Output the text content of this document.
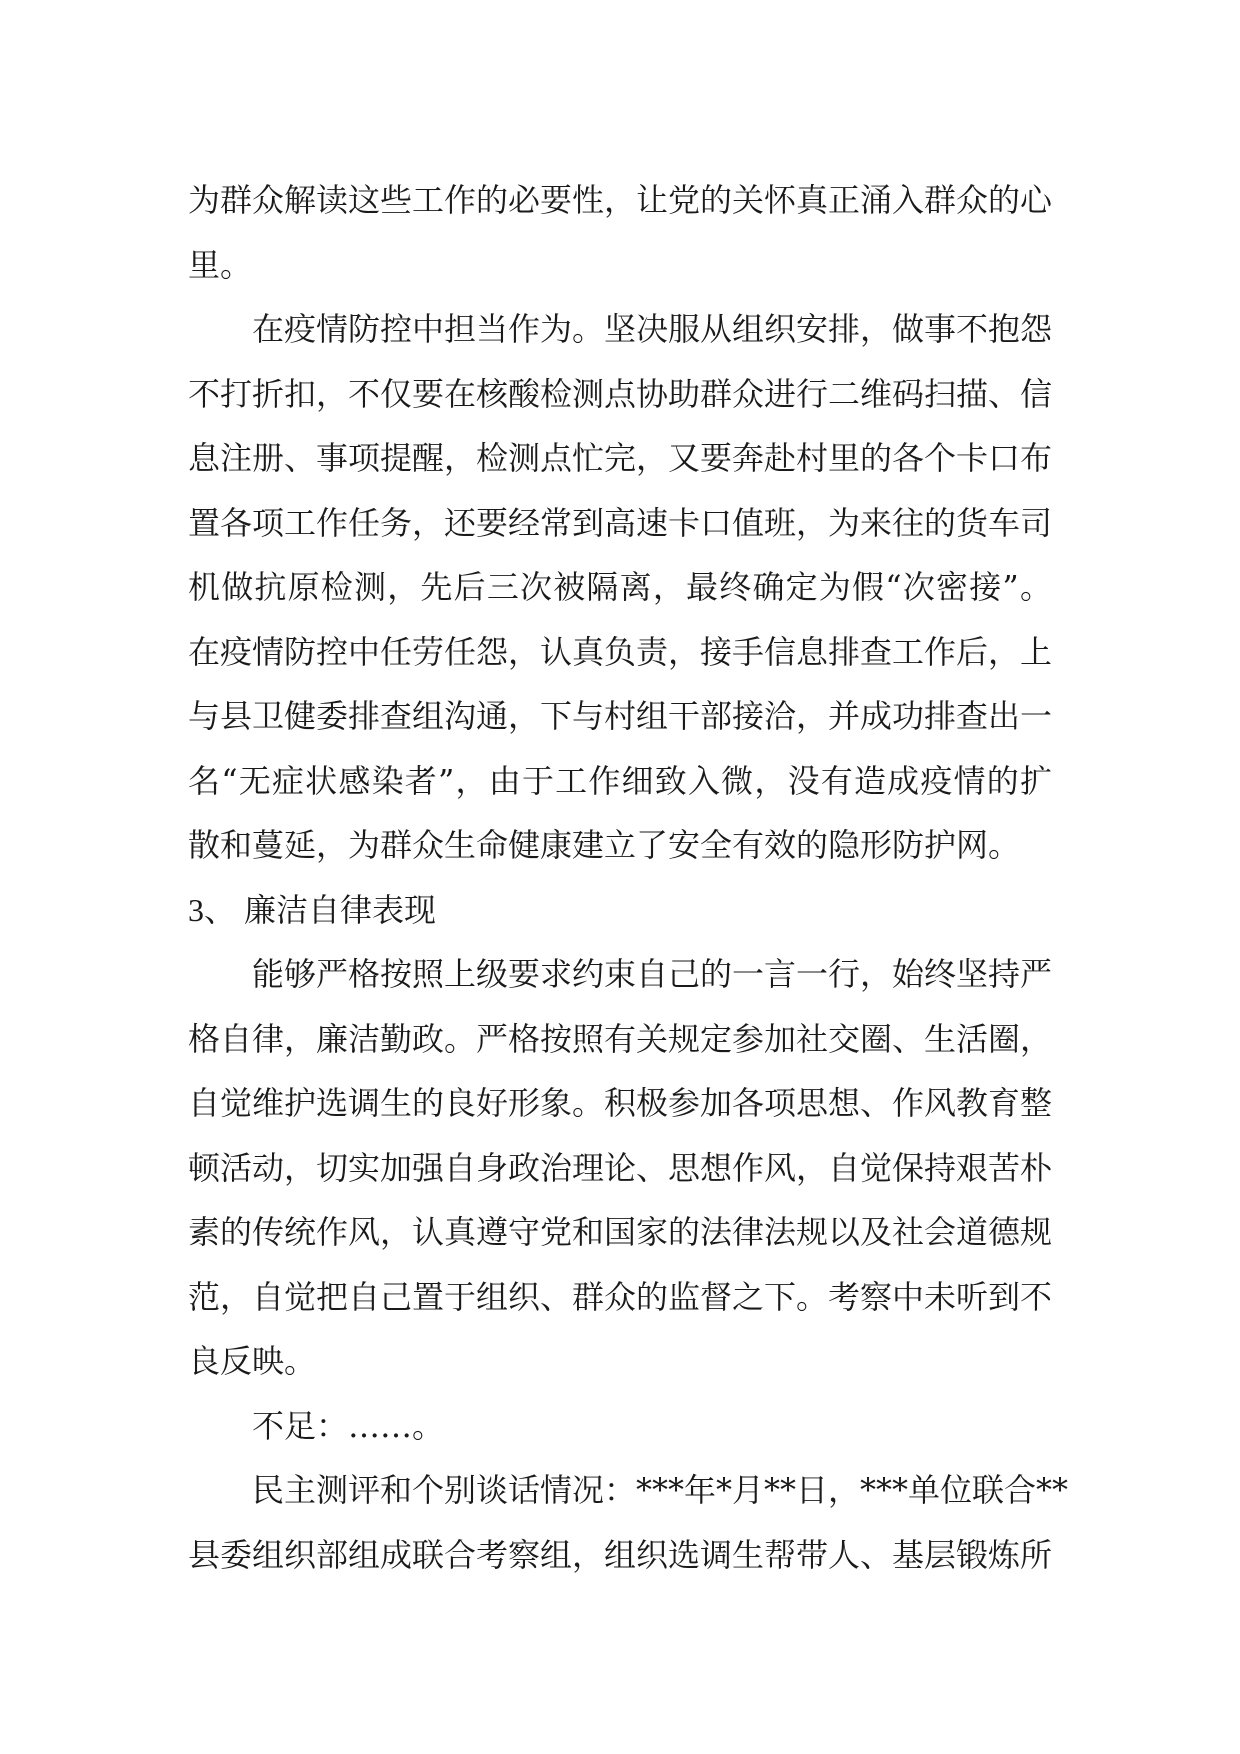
为群众解读这些工作的必要性，让党的关怀真正涌入群众的心
里。

在疫情防控中担当作为。坚决服从组织安排，做事不抱怨
不打折扣，不仅要在核酸检测点协助群众进行二维码扫描、信
息注册、事项提醒，检测点忙完，又要奔赴村里的各个卡口布
置各项工作任务，还要经常到高速卡口值班，为来往的货车司
机做抗原检测，先后三次被隔离，最终确定为假“次密接”。
在疫情防控中任劳任怨，认真负责，接手信息排查工作后，上
与县卫健委排查组沟通，下与村组干部接洽，并成功排查出一
名“无症状感染者”，由于工作细致入微，没有造成疫情的扩
散和蔓延，为群众生命健康建立了安全有效的隐形防护网。

3、 廉洁自律表现

能够严格按照上级要求约束自己的一言一行，始终坚持严
格自律，廉洁勤政。严格按照有关规定参加社交圈、生活圈，
自觉维护选调生的良好形象。积极参加各项思想、作风教育整
顿活动，切实加强自身政治理论、思想作风，自觉保持艰苦朴
素的传统作风，认真遵守党和国家的法律法规以及社会道德规
范，自觉把自己置于组织、群众的监督之下。考察中未听到不
良反映。

不足：……。

民主测评和个别谈话情况：***年*月**日，***单位联合**
县委组织部组成联合考察组，组织选调生帮带人、基层锻炼所
